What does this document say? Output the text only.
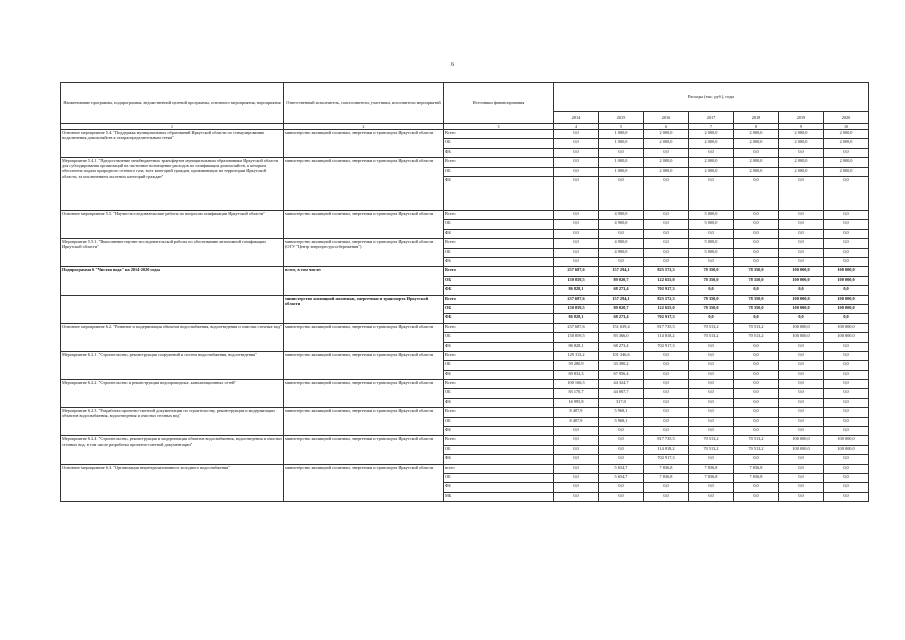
6
Наименование программы, подпрограммы, ведомственной целевой программы, основного мероприятия, мероприятия	Ответственный исполнитель, соисполнители, участники, исполнители мероприятий	Источники финансирования	Расходы (тыс. руб.), годы						
			2014	2015	2016	2017	2018	2019	2020
1	2	3	4	5	6	7	8	9	10
Основное мероприятие 5.4. "Поддержка муниципальных образований Иркутской области по стимулированию подключения домохозяйств к газораспределительным сетям"	министерство жилищной политики, энергетики и транспорта Иркутской области	Всего	0,0	1 000,0	2 000,0	2 000,0	2 000,0	2 000,0	2 000,0
		ОБ	0,0	1 000,0	2 000,0	2 000,0	2 000,0	2 000,0	2 000,0
		ФБ	0,0	0,0	0,0	0,0	0,0	0,0	0,0
Мероприятие 5.4.1. "Предоставление межбюджетных трансфертов муниципальным образованиям Иркутской области для субсидирования организаций на частичное возмещение расходов по газификации домохозяйств, к которым обеспечена подача природного сетевого газа, всех категорий граждан, проживающих на территории Иркутской области, за исключением льготных категорий граждан"	министерство жилищной политики, энергетики и транспорта Иркутской области	Всего	0,0	1 000,0	2 000,0	2 000,0	2 000,0	2 000,0	2 000,0
		ОБ	0,0	1 000,0	2 000,0	2 000,0	2 000,0	2 000,0	2 000,0
		ФБ	0,0	0,0	0,0	0,0	0,0	0,0	0,0
Основное мероприятие 5.5. "Научно-исследовательские работы по вопросам газификации Иркутской области"	министерство жилищной политики, энергетики и транспорта Иркутской области	Всего	0,0	4 900,0	0,0	5 000,0	0,0	0,0	0,0
		ОБ	0,0	4 900,0	0,0	5 000,0	0,0	0,0	0,0
		ФБ	0,0	0,0	0,0	0,0	0,0	0,0	0,0
Мероприятие 5.5.1. "Выполнение научно-исследовательской работы по обоснованию автономной газификации Иркутской области"	министерство жилищной политики, энергетики и транспорта Иркутской области (ОГУ "Центр энергоресурсосбережения")	Всего	0,0	4 900,0	0,0	5 000,0	0,0	0,0	0,0
		ОБ	0,0	4 900,0	0,0	5 000,0	0,0	0,0	0,0
		ФБ	0,0	0,0	0,0	0,0	0,0	0,0	0,0
Подпрограмма 6 "Чистая вода" на 2014-2020 годы	всего, в том числе:	Всего	237 687,6	157 294,1	825 572,3	78 350,0	78 350,0	100 000,0	100 000,0
		ОБ	150 859,5	89 020,7	122 655,0	78 350,0	78 350,0	100 000,0	100 000,0
		ФБ	86 828,1	68 273,4	702 917,3	0,0	0,0	0,0	0,0
	министерство жилищной политики, энергетики и транспорта Иркутской области	Всего	237 687,6	157 294,1	825 572,3	78 350,0	78 350,0	100 000,0	100 000,0
		ОБ	150 859,5	89 020,7	122 655,0	78 350,0	78 350,0	100 000,0	100 000,0
		ФБ	86 828,1	68 273,4	702 917,3	0,0	0,0	0,0	0,0
Основное мероприятие 6.2. "Развитие и модернизация объектов водоснабжения, водоотведения и очистки сточных вод"	министерство жилищной политики, энергетики и транспорта Иркутской области	Всего	237 687,6	151 639,4	817 735,5	70 513,2	70 513,2	100 000,0	100 000,0
		ОБ	150 859,5	83 366,0	114 818,2	70 513,2	70 513,2	100 000,0	100 000,0
		ФБ	86 828,1	68 273,4	702 917,3	0,0	0,0	0,0	0,0
Мероприятие 6.2.1. "Строительство, реконструкция сооружений и систем водоснабжения, водоотведения"	министерство жилищной политики, энергетики и транспорта Иркутской области	Всего	129 113,2	101 346,6	0,0	0,0	0,0	0,0	0,0
		ОБ	59 280,9	33 390,2	0,0	0,0	0,0	0,0	0,0
		ФБ	69 832,3	67 956,4	0,0	0,0	0,0	0,0	0,0
Мероприятие 6.2.2. "Строительство и реконструкция водопроводных, канализационных сетей"	министерство жилищной политики, энергетики и транспорта Иркутской области	Всего	100 166,5	44 324,7	0,0	0,0	0,0	0,0	0,0
		ОБ	83 170,7	44 007,7	0,0	0,0	0,0	0,0	0,0
		ФБ	16 995,8	317,0	0,0	0,0	0,0	0,0	0,0
Мероприятие 6.2.3. "Разработка проектно-сметной документации по строительству, реконструкции и модернизации объектов водоснабжения, водоотведения и очистки сточных вод"	министерство жилищной политики, энергетики и транспорта Иркутской области	Всего	8 407,9	5 968,1	0,0	0,0	0,0	0,0	0,0
		ОБ	8 407,9	5 968,1	0,0	0,0	0,0	0,0	0,0
		ФБ	0,0	0,0	0,0	0,0	0,0	0,0	0,0
Мероприятие 6.2.4. "Строительство, реконструкция и модернизация объектов водоснабжения, водоотведения и очистки сточных вод, в том числе разработка проектно-сметной документации"	министерство жилищной политики, энергетики и транспорта Иркутской области	Всего	0,0	0,0	817 735,5	70 513,2	70 513,2	100 000,0	100 000,0
		ОБ	0,0	0,0	114 818,2	70 513,2	70 513,2	100 000,0	100 000,0
		ФБ	0,0	0,0	702 917,3	0,0	0,0	0,0	0,0
Основное мероприятие 6.3. "Организация нецентрализованного холодного водоснабжения"	министерство жилищной политики, энергетики и транспорта Иркутской области	всего	0,0	5 654,7	7 836,8	7 836,8	7 836,8	0,0	0,0
		ОБ	0,0	5 654,7	7 836,8	7 836,8	7 836,8	0,0	0,0
		ФБ	0,0	0,0	0,0	0,0	0,0	0,0	0,0
		МБ	0,0	0,0	0,0	0,0	0,0	0,0	0,0
